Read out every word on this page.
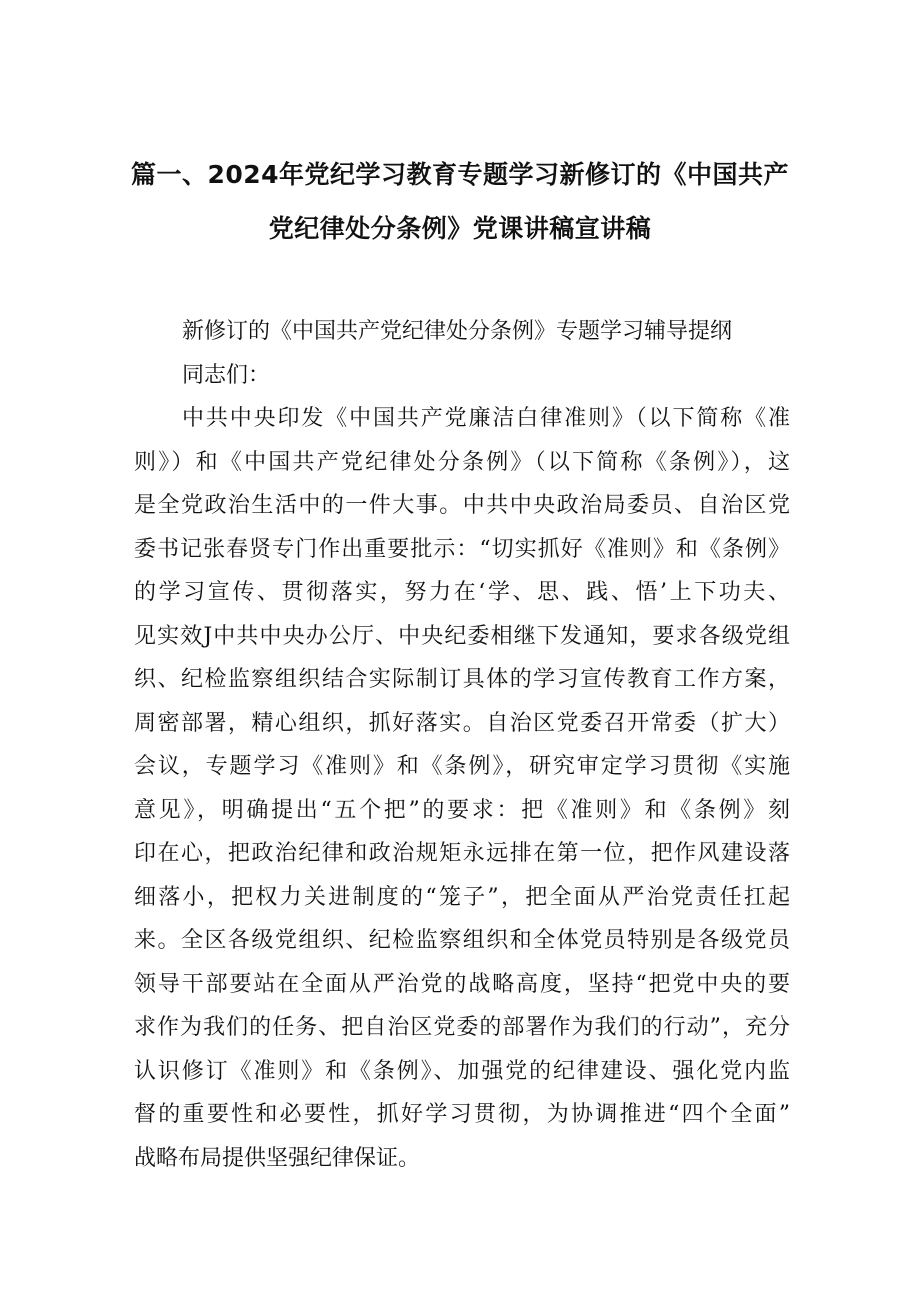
篇一、2024年党纪学习教育专题学习新修订的《中国共产
党纪律处分条例》党课讲稿宣讲稿
新修订的《中国共产党纪律处分条例》专题学习辅导提纲
同志们：
中共中央印发《中国共产党廉洁白律准则》（以下简称《准
则》）和《中国共产党纪律处分条例》（以下简称《条例》），这
是全党政治生活中的一件大事。中共中央政治局委员、自治区党
委书记张春贤专门作出重要批示：“切实抓好《准则》和《条例》
的学习宣传、贯彻落实，努力在‘学、思、践、悟’上下功夫、
见实效J中共中央办公厅、中央纪委相继下发通知，要求各级党组
织、纪检监察组织结合实际制订具体的学习宣传教育工作方案，
周密部署，精心组织，抓好落实。自治区党委召开常委（扩大）
会议，专题学习《准则》和《条例》，研究审定学习贯彻《实施
意见》，明确提出“五个把”的要求：把《准则》和《条例》刻
印在心，把政治纪律和政治规矩永远排在第一位，把作风建设落
细落小，把权力关进制度的“笼子”，把全面从严治党责任扛起
来。全区各级党组织、纪检监察组织和全体党员特别是各级党员
领导干部要站在全面从严治党的战略高度，坚持“把党中央的要
求作为我们的任务、把自治区党委的部署作为我们的行动”，充分
认识修订《准则》和《条例》、加强党的纪律建设、强化党内监
督的重要性和必要性，抓好学习贯彻，为协调推进“四个全面”
战略布局提供坚强纪律保证。
